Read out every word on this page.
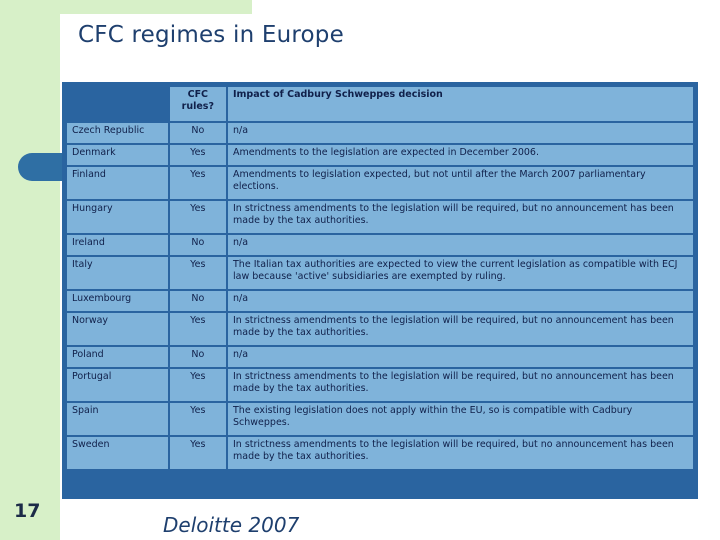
CFC regimes in Europe
	CFC rules?	Impact of Cadbury Schweppes decision
Czech Republic	No	n/a
Denmark	Yes	Amendments to the legislation are expected in December 2006.
Finland	Yes	Amendments to legislation expected, but not until after the March 2007 parliamentary elections.
Hungary	Yes	In strictness amendments to the legislation will be required, but no announcement has been made by the tax authorities.
Ireland	No	n/a
Italy	Yes	The Italian tax authorities are expected to view the current legislation as compatible with ECJ law because 'active' subsidiaries are exempted by ruling.
Luxembourg	No	n/a
Norway	Yes	In strictness amendments to the legislation will be required, but no announcement has been made by the tax authorities.
Poland	No	n/a
Portugal	Yes	In strictness amendments to the legislation will be required, but no announcement has been made by the tax authorities.
Spain	Yes	The existing legislation does not apply within the EU, so is compatible with Cadbury Schweppes.
Sweden	Yes	In strictness amendments to the legislation will be required, but no announcement has been made by the tax authorities.
17
Deloitte 2007
